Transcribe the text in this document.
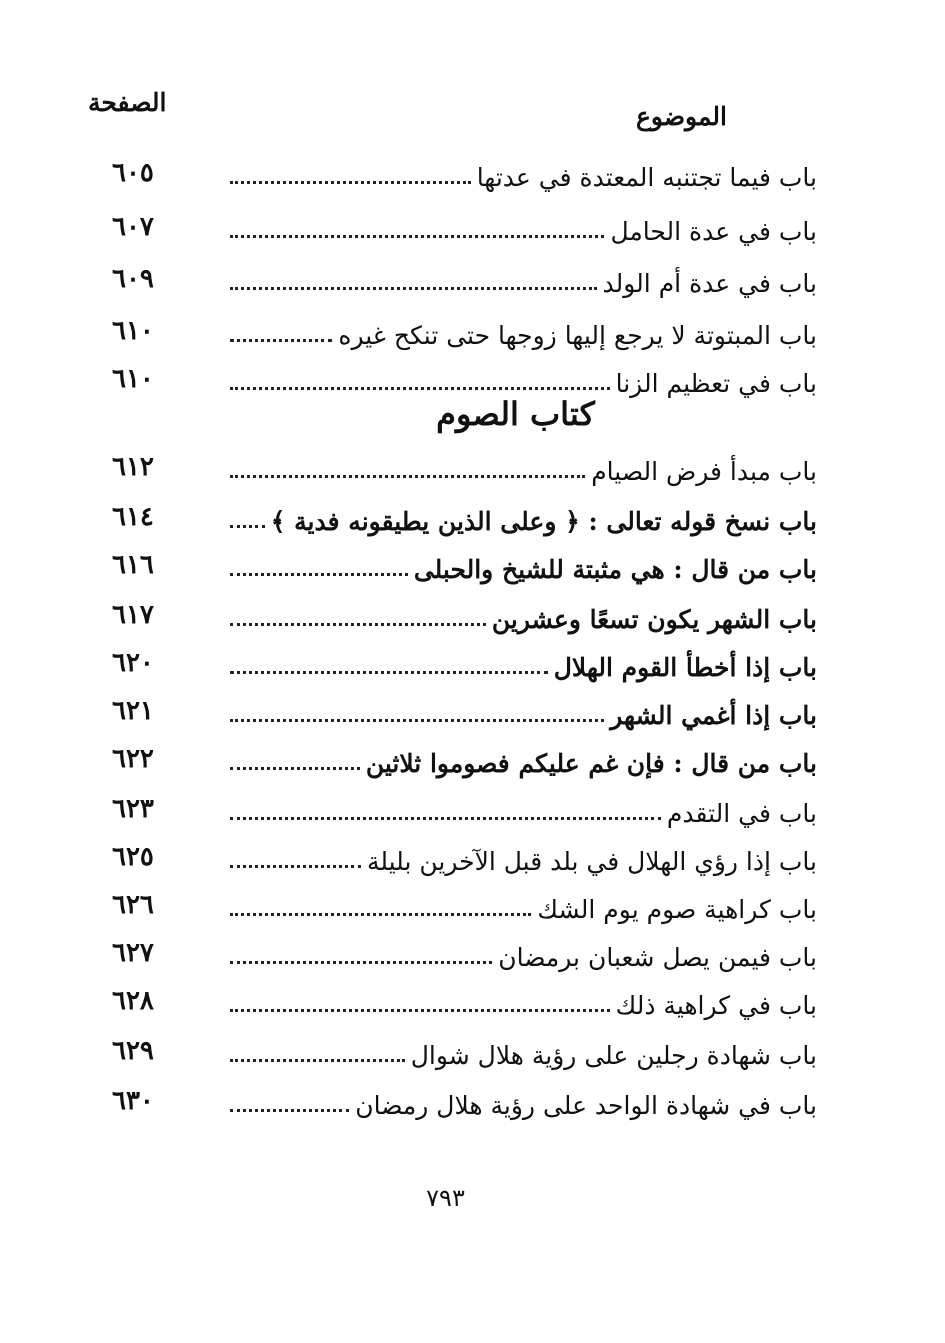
الموضوع
الصفحة
باب فيما تجتنبه المعتدة في عدتها
٦٠٥
باب في عدة الحامل
٦٠٧
باب في عدة أم الولد
٦٠٩
باب المبتوتة لا يرجع إليها زوجها حتى تنكح غيره
٦١٠
باب في تعظيم الزنا
٦١٠
كتاب الصوم
باب مبدأ فرض الصيام
٦١٢
باب نسخ قوله تعالى : ﴿ وعلى الذين يطيقونه فدية ﴾
٦١٤
باب من قال : هي مثبتة للشيخ والحبلى
٦١٦
باب الشهر يكون تسعًا وعشرين
٦١٧
باب إذا أخطأ القوم الهلال
٦٢٠
باب إذا أغمي الشهر
٦٢١
باب من قال : فإن غم عليكم فصوموا ثلاثين
٦٢٢
باب في التقدم
٦٢٣
باب إذا رؤي الهلال في بلد قبل الآخرين بليلة
٦٢٥
باب كراهية صوم يوم الشك
٦٢٦
باب فيمن يصل شعبان برمضان
٦٢٧
باب في كراهية ذلك
٦٢٨
باب شهادة رجلين على رؤية هلال شوال
٦٢٩
باب في شهادة الواحد على رؤية هلال رمضان
٦٣٠
٧٩٣
